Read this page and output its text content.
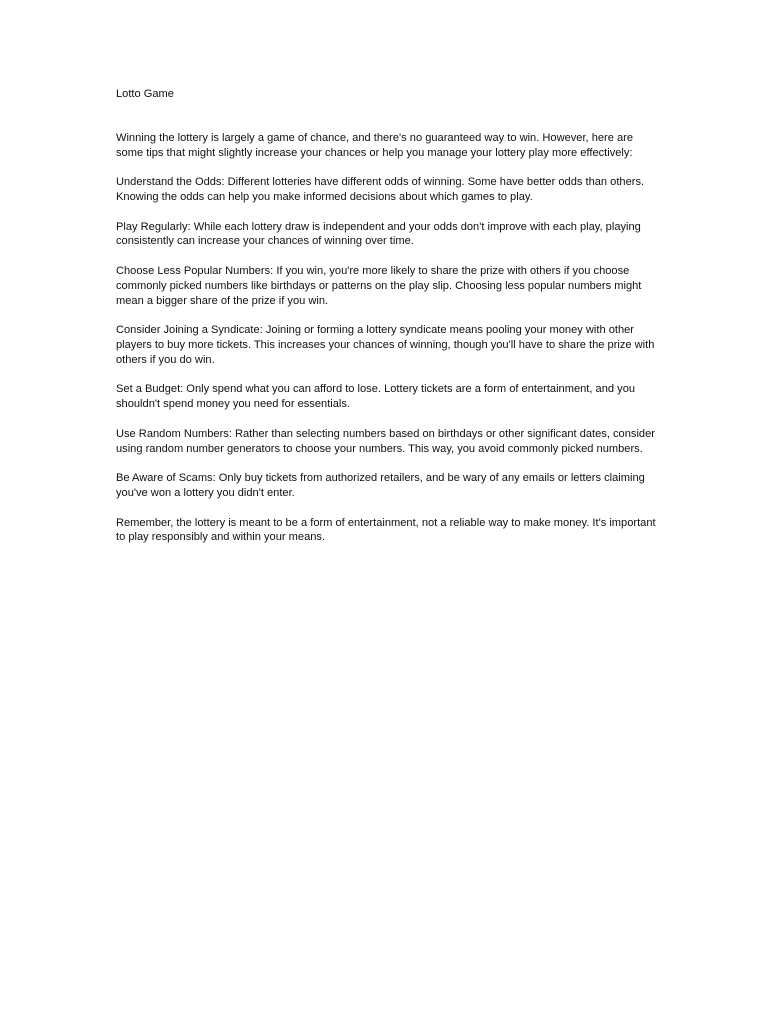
Lotto Game

Winning the lottery is largely a game of chance, and there's no guaranteed way to win. However, here are some tips that might slightly increase your chances or help you manage your lottery play more effectively:

Understand the Odds: Different lotteries have different odds of winning. Some have better odds than others. Knowing the odds can help you make informed decisions about which games to play.

Play Regularly: While each lottery draw is independent and your odds don't improve with each play, playing consistently can increase your chances of winning over time.

Choose Less Popular Numbers: If you win, you're more likely to share the prize with others if you choose commonly picked numbers like birthdays or patterns on the play slip. Choosing less popular numbers might mean a bigger share of the prize if you win.

Consider Joining a Syndicate: Joining or forming a lottery syndicate means pooling your money with other players to buy more tickets. This increases your chances of winning, though you'll have to share the prize with others if you do win.

Set a Budget: Only spend what you can afford to lose. Lottery tickets are a form of entertainment, and you shouldn't spend money you need for essentials.

Use Random Numbers: Rather than selecting numbers based on birthdays or other significant dates, consider using random number generators to choose your numbers. This way, you avoid commonly picked numbers.

Be Aware of Scams: Only buy tickets from authorized retailers, and be wary of any emails or letters claiming you've won a lottery you didn't enter.

Remember, the lottery is meant to be a form of entertainment, not a reliable way to make money. It's important to play responsibly and within your means.
